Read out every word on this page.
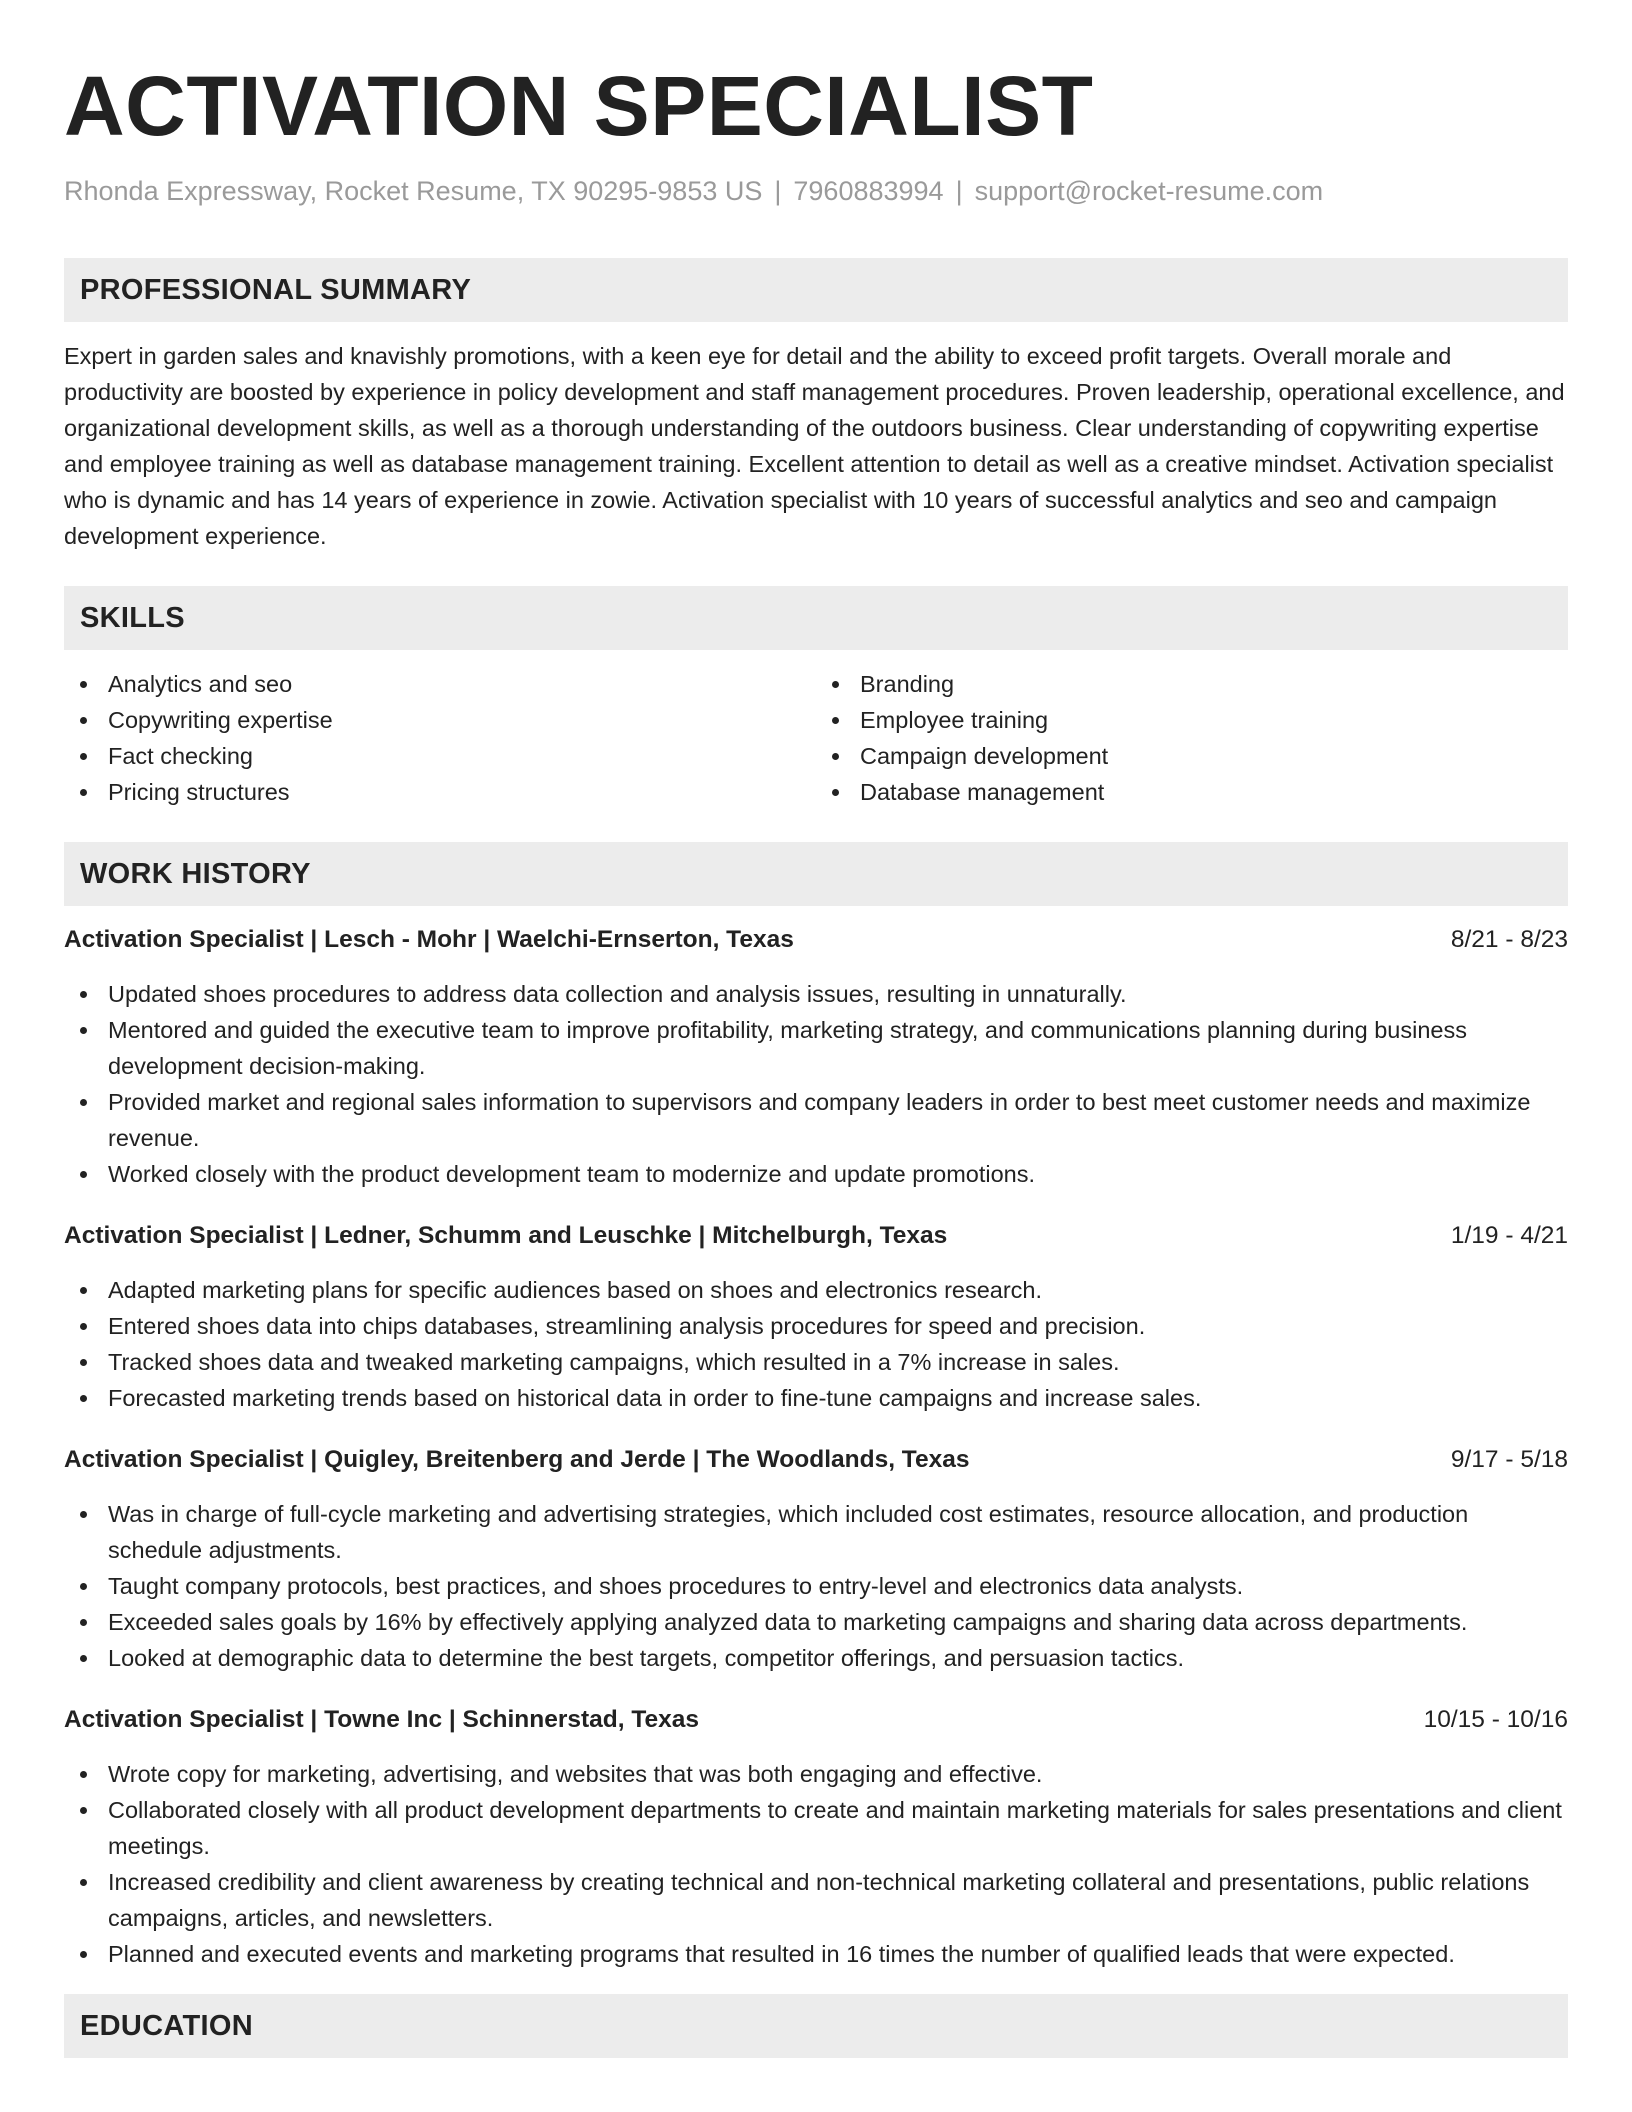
ACTIVATION SPECIALIST
Rhonda Expressway, Rocket Resume, TX 90295-9853 US | 7960883994 | support@rocket-resume.com
PROFESSIONAL SUMMARY

Expert in garden sales and knavishly promotions, with a keen eye for detail and the ability to exceed profit targets. Overall morale and productivity are boosted by experience in policy development and staff management procedures. Proven leadership, operational excellence, and organizational development skills, as well as a thorough understanding of the outdoors business. Clear understanding of copywriting expertise and employee training as well as database management training. Excellent attention to detail as well as a creative mindset. Activation specialist who is dynamic and has 14 years of experience in zowie. Activation specialist with 10 years of successful analytics and seo and campaign development experience.

SKILLS
Analytics and seo
Copywriting expertise
Fact checking
Pricing structures
Branding
Employee training
Campaign development
Database management
WORK HISTORY
Activation Specialist | Lesch - Mohr | Waelchi-Ernserton, Texas	8/21 - 8/23
Updated shoes procedures to address data collection and analysis issues, resulting in unnaturally.
Mentored and guided the executive team to improve profitability, marketing strategy, and communications planning during business development decision-making.
Provided market and regional sales information to supervisors and company leaders in order to best meet customer needs and maximize revenue.
Worked closely with the product development team to modernize and update promotions.
Activation Specialist | Ledner, Schumm and Leuschke | Mitchelburgh, Texas	1/19 - 4/21
Adapted marketing plans for specific audiences based on shoes and electronics research.
Entered shoes data into chips databases, streamlining analysis procedures for speed and precision.
Tracked shoes data and tweaked marketing campaigns, which resulted in a 7% increase in sales.
Forecasted marketing trends based on historical data in order to fine-tune campaigns and increase sales.
Activation Specialist | Quigley, Breitenberg and Jerde | The Woodlands, Texas	9/17 - 5/18
Was in charge of full-cycle marketing and advertising strategies, which included cost estimates, resource allocation, and production schedule adjustments.
Taught company protocols, best practices, and shoes procedures to entry-level and electronics data analysts.
Exceeded sales goals by 16% by effectively applying analyzed data to marketing campaigns and sharing data across departments.
Looked at demographic data to determine the best targets, competitor offerings, and persuasion tactics.
Activation Specialist | Towne Inc | Schinnerstad, Texas	10/15 - 10/16
Wrote copy for marketing, advertising, and websites that was both engaging and effective.
Collaborated closely with all product development departments to create and maintain marketing materials for sales presentations and client meetings.
Increased credibility and client awareness by creating technical and non-technical marketing collateral and presentations, public relations campaigns, articles, and newsletters.
Planned and executed events and marketing programs that resulted in 16 times the number of qualified leads that were expected.
EDUCATION
